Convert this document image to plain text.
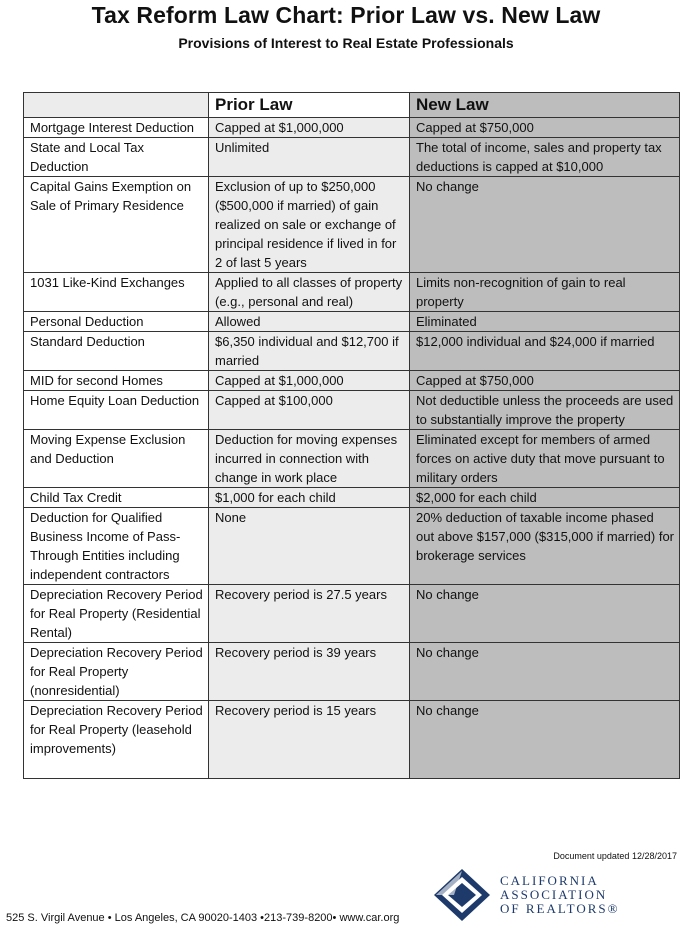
Tax Reform Law Chart: Prior Law vs. New Law
Provisions of Interest to Real Estate Professionals
	Prior Law	New Law
Mortgage Interest Deduction	Capped at $1,000,000	Capped at $750,000
State and Local Tax Deduction	Unlimited	The total of income, sales and property tax deductions is capped at $10,000
Capital Gains Exemption on Sale of Primary Residence	Exclusion of up to $250,000 ($500,000 if married) of gain realized on sale or exchange of principal residence if lived in for 2 of last 5 years	No change
1031 Like-Kind Exchanges	Applied to all classes of property (e.g., personal and real)	Limits non-recognition of gain to real property
Personal Deduction	Allowed	Eliminated
Standard Deduction	$6,350 individual and $12,700 if married	$12,000 individual and $24,000 if married
MID for second Homes	Capped at $1,000,000	Capped at $750,000
Home Equity Loan Deduction	Capped at $100,000	Not deductible unless the proceeds are used to substantially improve the property
Moving Expense Exclusion and Deduction	Deduction for moving expenses incurred in connection with change in work place	Eliminated except for members of armed forces on active duty that move pursuant to military orders
Child Tax Credit	$1,000 for each child	$2,000 for each child
Deduction for Qualified Business Income of Pass-Through Entities including independent contractors	None	20% deduction of taxable income phased out above $157,000 ($315,000 if married) for brokerage services
Depreciation Recovery Period for Real Property (Residential Rental)	Recovery period is 27.5 years	No change
Depreciation Recovery Period for Real Property (nonresidential)	Recovery period is 39 years	No change
Depreciation Recovery Period for Real Property (leasehold improvements)	Recovery period is 15 years	No change
Document updated 12/28/2017
CALIFORNIA
ASSOCIATION
OF REALTORS®
525 S. Virgil Avenue • Los Angeles, CA 90020-1403 •213-739-8200• www.car.org
